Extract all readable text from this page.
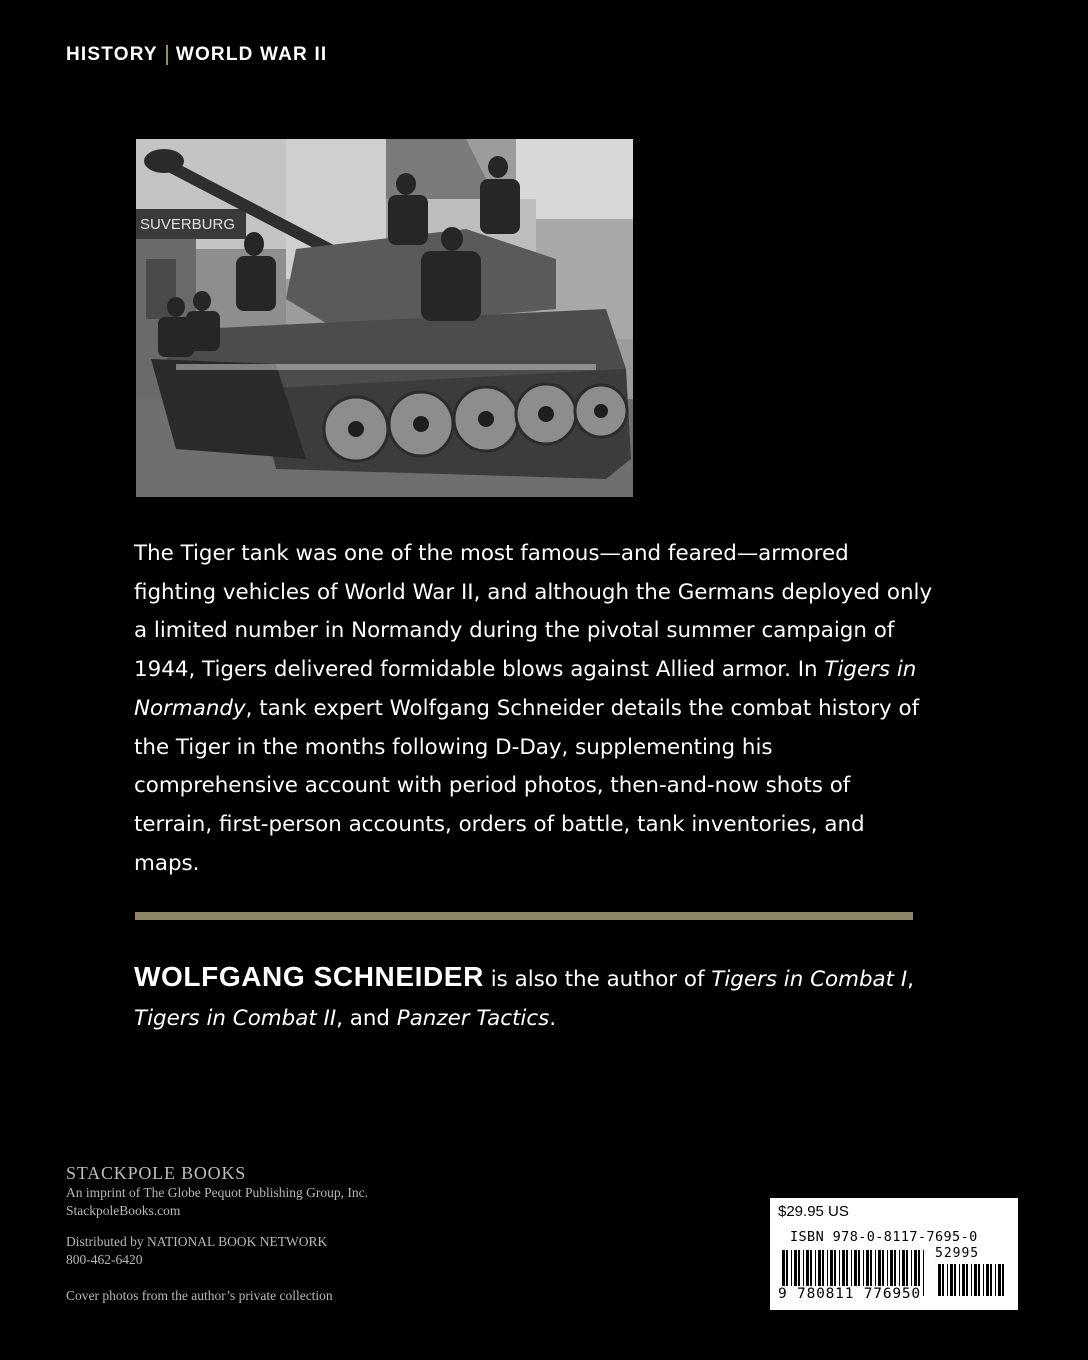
HISTORY WORLD WAR II
SUVERBURG

The Tiger tank was one of the most famous—and feared—armored fighting vehicles of World War II, and although the Germans deployed only a limited number in Normandy during the pivotal summer campaign of 1944, Tigers delivered formidable blows against Allied armor. In Tigers in Normandy, tank expert Wolfgang Schneider details the combat history of the Tiger in the months following D-Day, supplementing his comprehensive account with period photos, then-and-now shots of terrain, first-person accounts, orders of battle, tank inventories, and maps.

WOLFGANG SCHNEIDER is also the author of Tigers in Combat I,
Tigers in Combat II, and Panzer Tactics.

STACKPOLE BOOKS

An imprint of The Globe Pequot Publishing Group, Inc.

StackpoleBooks.com

Distributed by NATIONAL BOOK NETWORK

800-462-6420

Cover photos from the author’s private collection

$29.95 US
ISBN 978-0-8117-7695-0
52995
9 780811 776950
